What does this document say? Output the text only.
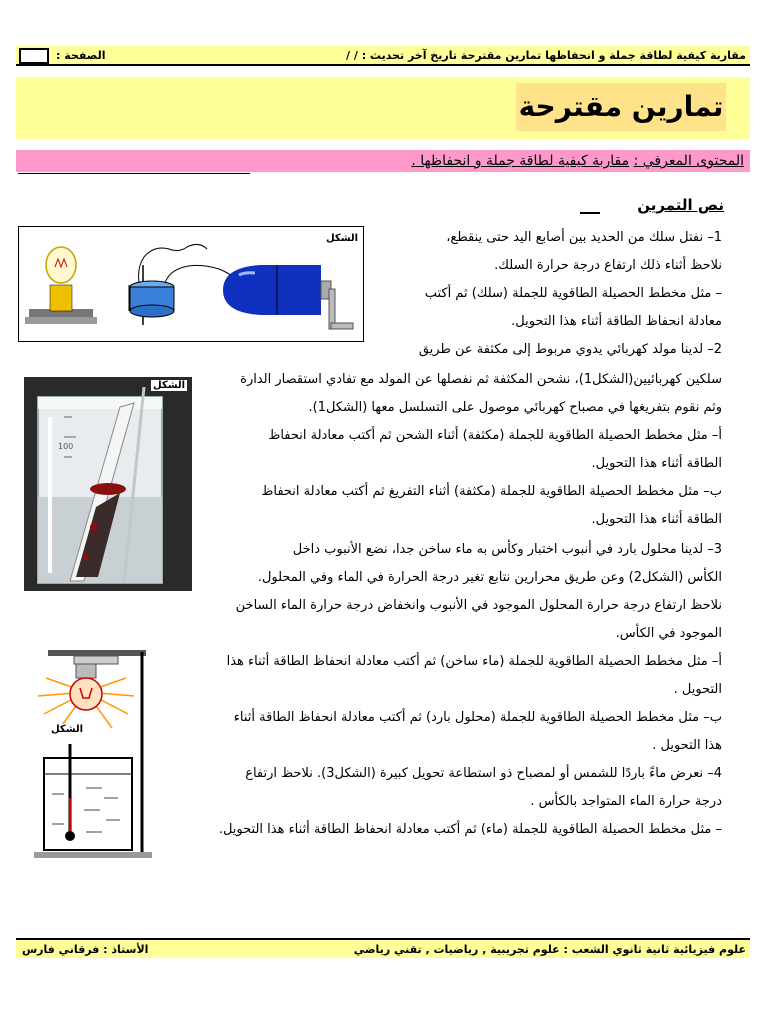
مقاربة كيفية لطاقة جملة و انحفاظها تمارين مقترحة تاريخ آخر تحديث : / /
الصفحة :
تمارين مقترحة
المحتوى المعرفي : مقاربة كيفية لطاقة جملة و انحفاظها .
نص التمرين
الشكل
100
الشكل
الشكل
1– نفتل سلك من الحديد بين أصابع اليد حتى ينقطع،
نلاحظ أثناء ذلك ارتفاع درجة حرارة السلك.
– مثل مخطط الحصيلة الطاقوية للجملة (سلك) ثم أكتب
معادلة انحفاظ الطاقة أثناء هذا التحويل.
2– لدينا مولد كهربائي يدوي مربوط إلى مكثفة عن طريق
سلكين كهربائيين(الشكل1)، نشحن المكثفة ثم نفصلها عن المولد مع تفادي استقصار الدارة
وثم نقوم بتفريغها في مصباح كهربائي موصول على التسلسل معها (الشكل1).
أ– مثل مخطط الحصيلة الطاقوية للجملة (مكثفة) أثناء الشحن ثم أكتب معادلة انحفاظ
الطاقة أثناء هذا التحويل.
ب– مثل مخطط الحصيلة الطاقوية للجملة (مكثفة) أثناء التفريغ ثم أكتب معادلة انحفاظ
الطاقة أثناء هذا التحويل.
3– لدينا محلول بارد في أنبوب اختبار وكأس به ماء ساخن جدا، نضع الأنبوب داخل
الكأس (الشكل2) وعن طريق محرارين نتابع تغير درجة الحرارة في الماء وفي المحلول.
نلاحظ ارتفاع درجة حرارة المحلول الموجود في الأنبوب وانخفاض درجة حرارة الماء الساخن
الموجود في الكأس.
أ– مثل مخطط الحصيلة الطاقوية للجملة (ماء ساخن) ثم أكتب معادلة انحفاظ الطاقة أثناء هذا
التحويل .
ب– مثل مخطط الحصيلة الطاقوية للجملة (محلول بارد) ثم أكتب معادلة انحفاظ الطاقة أثناء
هذا التحويل .
4– نعرض ماءً باردًا للشمس أو لمصباح ذو استطاعة تحويل كبيرة (الشكل3). نلاحظ ارتفاع
درجة حرارة الماء المتواجد بالكأس .
– مثل مخطط الحصيلة الطاقوية للجملة (ماء) ثم أكتب معادلة انحفاظ الطاقة أثناء هذا التحويل.
علوم فيزيائية ثانية ثانوي الشعب : علوم تجريبية , رياضيات , تقني رياضي
الأستاذ : فرقاني فارس
